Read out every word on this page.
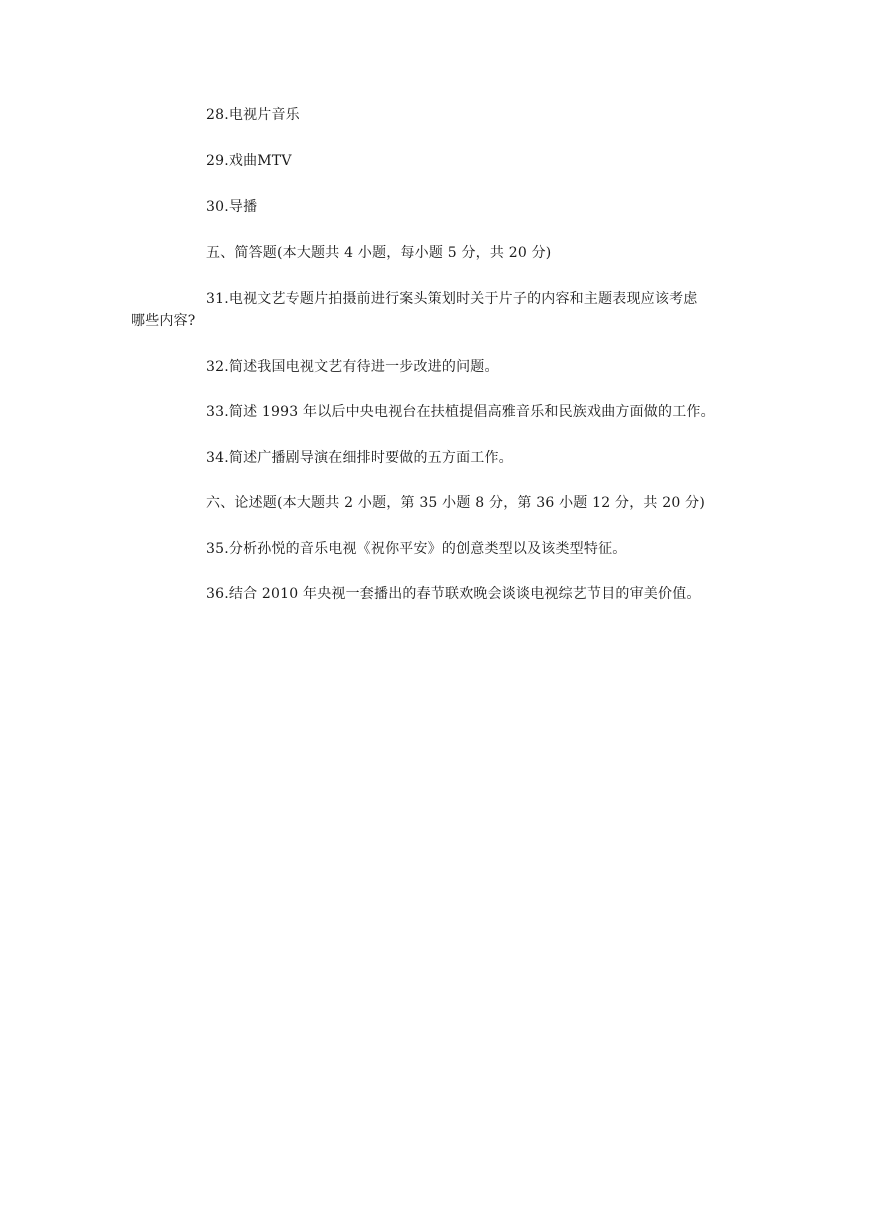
28.电视片音乐
29.戏曲MTV
30.导播
五、简答题(本大题共 4 小题，每小题 5 分，共 20 分)
31.电视文艺专题片拍摄前进行案头策划时关于片子的内容和主题表现应该考虑
哪些内容?
32.简述我国电视文艺有待进一步改进的问题。
33.简述 1993 年以后中央电视台在扶植提倡高雅音乐和民族戏曲方面做的工作。
34.简述广播剧导演在细排时要做的五方面工作。
六、论述题(本大题共 2 小题，第 35 小题 8 分，第 36 小题 12 分，共 20 分)
35.分析孙悦的音乐电视《祝你平安》的创意类型以及该类型特征。
36.结合 2010 年央视一套播出的春节联欢晚会谈谈电视综艺节目的审美价值。
